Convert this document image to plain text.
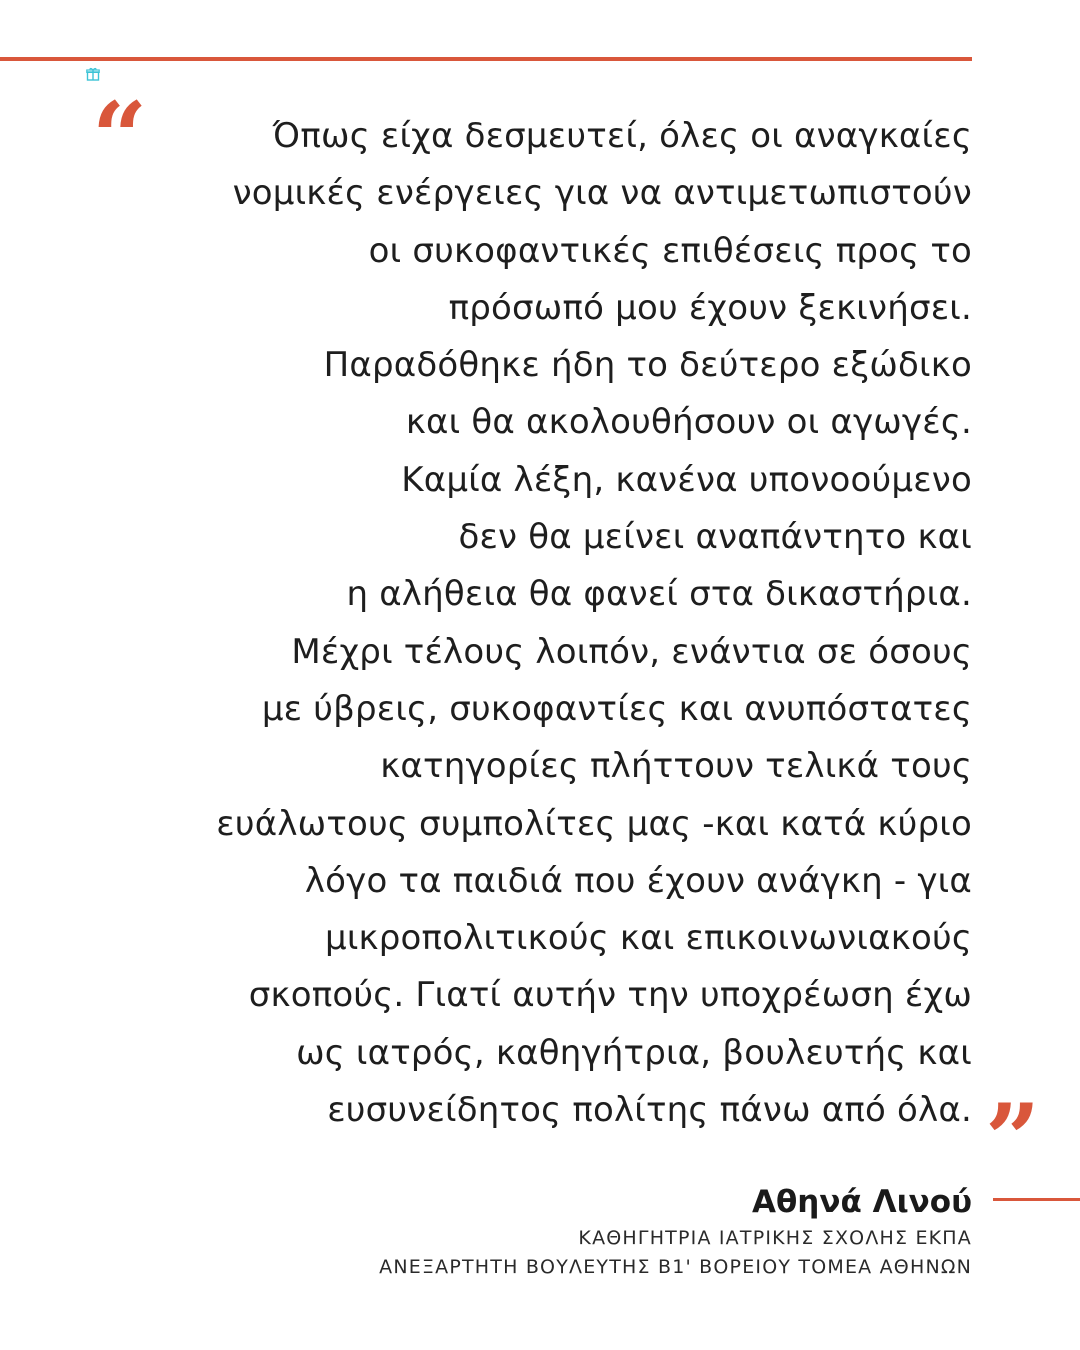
“	Όπως είχα δεσμευτεί, όλες οι αναγκαίες
νομικές ενέργειες για να αντιμετωπιστούν
οι συκοφαντικές επιθέσεις προς το
πρόσωπό μου έχουν ξεκινήσει.
Παραδόθηκε ήδη το δεύτερο εξώδικο
και θα ακολουθήσουν οι αγωγές.
Καμία λέξη, κανένα υπονοούμενο
δεν θα μείνει αναπάντητο και
η αλήθεια θα φανεί στα δικαστήρια.
Μέχρι τέλους λοιπόν, ενάντια σε όσους
με ύβρεις, συκοφαντίες και ανυπόστατες
κατηγορίες πλήττουν τελικά τους
ευάλωτους συμπολίτες μας -και κατά κύριο
λόγο τα παιδιά που έχουν ανάγκη - για
μικροπολιτικούς και επικοινωνιακούς
σκοπούς. Γιατί αυτήν την υποχρέωση έχω
ως ιατρός, καθηγήτρια, βουλευτής και
ευσυνείδητος πολίτης πάνω από όλα. ”
Αθηνά Λινού
ΚΑΘΗΓΗΤΡΙΑ ΙΑΤΡΙΚΗΣ ΣΧΟΛΗΣ ΕΚΠΑ
ΑΝΕΞΑΡΤΗΤΗ ΒΟΥΛΕΥΤΗΣ Β1' ΒΟΡΕΙΟΥ ΤΟΜΕΑ ΑΘΗΝΩΝ
